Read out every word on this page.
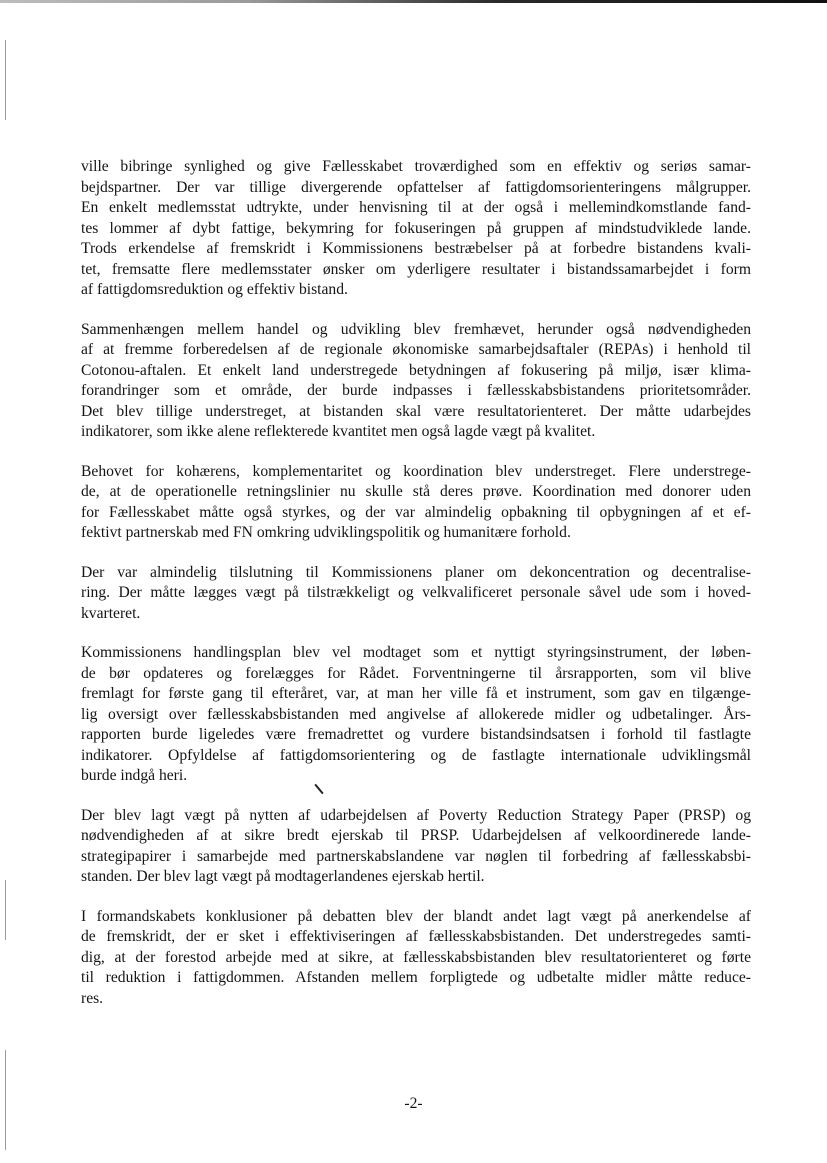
ville bibringe synlighed og give Fællesskabet troværdighed som en effektiv og seriøs samar-
bejdspartner. Der var tillige divergerende opfattelser af fattigdomsorienteringens målgrupper.
En enkelt medlemsstat udtrykte, under henvisning til at der også i mellemindkomstlande fand-
tes lommer af dybt fattige, bekymring for fokuseringen på gruppen af mindstudviklede lande.
Trods erkendelse af fremskridt i Kommissionens bestræbelser på at forbedre bistandens kvali-
tet, fremsatte flere medlemsstater ønsker om yderligere resultater i bistandssamarbejdet i form
af fattigdomsreduktion og effektiv bistand.
Sammenhængen mellem handel og udvikling blev fremhævet, herunder også nødvendigheden
af at fremme forberedelsen af de regionale økonomiske samarbejdsaftaler (REPAs) i henhold til
Cotonou-aftalen. Et enkelt land understregede betydningen af fokusering på miljø, især klima-
forandringer som et område, der burde indpasses i fællesskabsbistandens prioritetsområder.
Det blev tillige understreget, at bistanden skal være resultatorienteret. Der måtte udarbejdes
indikatorer, som ikke alene reflekterede kvantitet men også lagde vægt på kvalitet.
Behovet for kohærens, komplementaritet og koordination blev understreget. Flere understrege-
de, at de operationelle retningslinier nu skulle stå deres prøve. Koordination med donorer uden
for Fællesskabet måtte også styrkes, og der var almindelig opbakning til opbygningen af et ef-
fektivt partnerskab med FN omkring udviklingspolitik og humanitære forhold.
Der var almindelig tilslutning til Kommissionens planer om dekoncentration og decentralise-
ring. Der måtte lægges vægt på tilstrækkeligt og velkvalificeret personale såvel ude som i hoved-
kvarteret.
Kommissionens handlingsplan blev vel modtaget som et nyttigt styringsinstrument, der løben-
de bør opdateres og forelægges for Rådet. Forventningerne til årsrapporten, som vil blive
fremlagt for første gang til efteråret, var, at man her ville få et instrument, som gav en tilgænge-
lig oversigt over fællesskabsbistanden med angivelse af allokerede midler og udbetalinger. Års-
rapporten burde ligeledes være fremadrettet og vurdere bistandsindsatsen i forhold til fastlagte
indikatorer. Opfyldelse af fattigdomsorientering og de fastlagte internationale udviklingsmål
burde indgå heri.
Der blev lagt vægt på nytten af udarbejdelsen af Poverty Reduction Strategy Paper (PRSP) og
nødvendigheden af at sikre bredt ejerskab til PRSP. Udarbejdelsen af velkoordinerede lande-
strategipapirer i samarbejde med partnerskabslandene var nøglen til forbedring af fællesskabsbi-
standen. Der blev lagt vægt på modtagerlandenes ejerskab hertil.
I formandskabets konklusioner på debatten blev der blandt andet lagt vægt på anerkendelse af
de fremskridt, der er sket i effektiviseringen af fællesskabsbistanden. Det understregedes samti-
dig, at der forestod arbejde med at sikre, at fællesskabsbistanden blev resultatorienteret og førte
til reduktion i fattigdommen. Afstanden mellem forpligtede og udbetalte midler måtte reduce-
res.
-2-
